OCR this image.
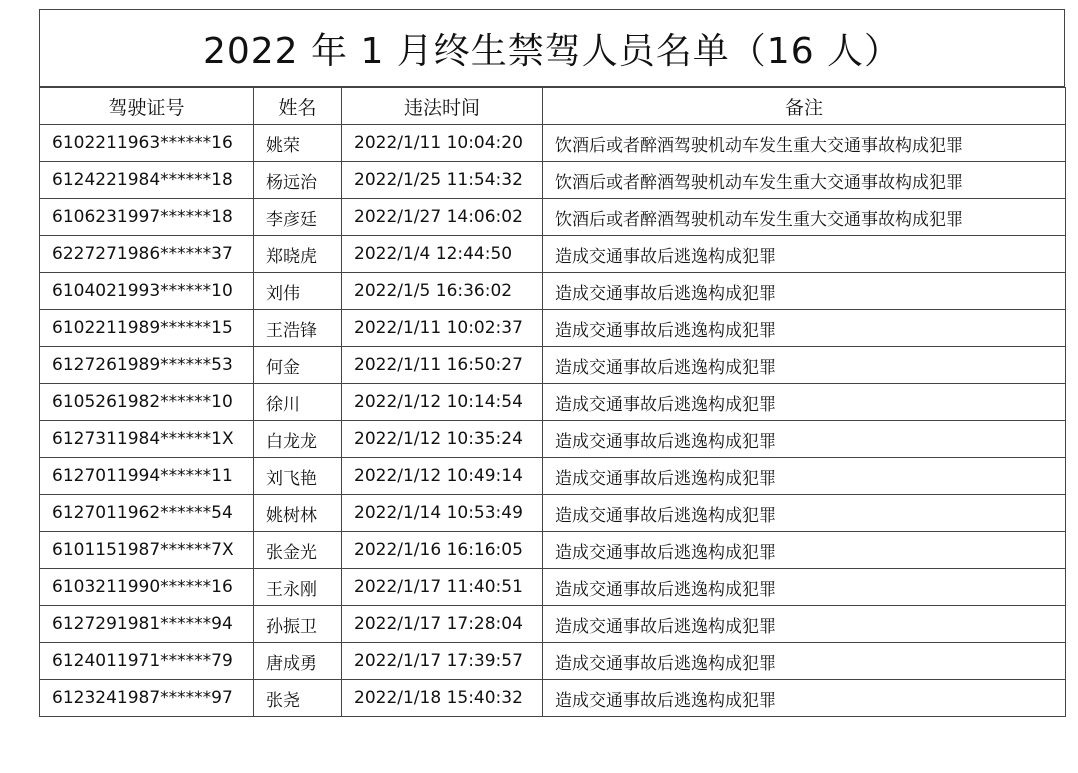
2022 年 1 月终生禁驾人员名单（16 人）
驾驶证号	姓名	违法时间	备注
6102211963******16	姚荣	2022/1/11 10:04:20	饮酒后或者醉酒驾驶机动车发生重大交通事故构成犯罪
6124221984******18	杨远治	2022/1/25 11:54:32	饮酒后或者醉酒驾驶机动车发生重大交通事故构成犯罪
6106231997******18	李彦廷	2022/1/27 14:06:02	饮酒后或者醉酒驾驶机动车发生重大交通事故构成犯罪
6227271986******37	郑晓虎	2022/1/4 12:44:50	造成交通事故后逃逸构成犯罪
6104021993******10	刘伟	2022/1/5 16:36:02	造成交通事故后逃逸构成犯罪
6102211989******15	王浩锋	2022/1/11 10:02:37	造成交通事故后逃逸构成犯罪
6127261989******53	何金	2022/1/11 16:50:27	造成交通事故后逃逸构成犯罪
6105261982******10	徐川	2022/1/12 10:14:54	造成交通事故后逃逸构成犯罪
6127311984******1X	白龙龙	2022/1/12 10:35:24	造成交通事故后逃逸构成犯罪
6127011994******11	刘飞艳	2022/1/12 10:49:14	造成交通事故后逃逸构成犯罪
6127011962******54	姚树林	2022/1/14 10:53:49	造成交通事故后逃逸构成犯罪
6101151987******7X	张金光	2022/1/16 16:16:05	造成交通事故后逃逸构成犯罪
6103211990******16	王永刚	2022/1/17 11:40:51	造成交通事故后逃逸构成犯罪
6127291981******94	孙振卫	2022/1/17 17:28:04	造成交通事故后逃逸构成犯罪
6124011971******79	唐成勇	2022/1/17 17:39:57	造成交通事故后逃逸构成犯罪
6123241987******97	张尧	2022/1/18 15:40:32	造成交通事故后逃逸构成犯罪
